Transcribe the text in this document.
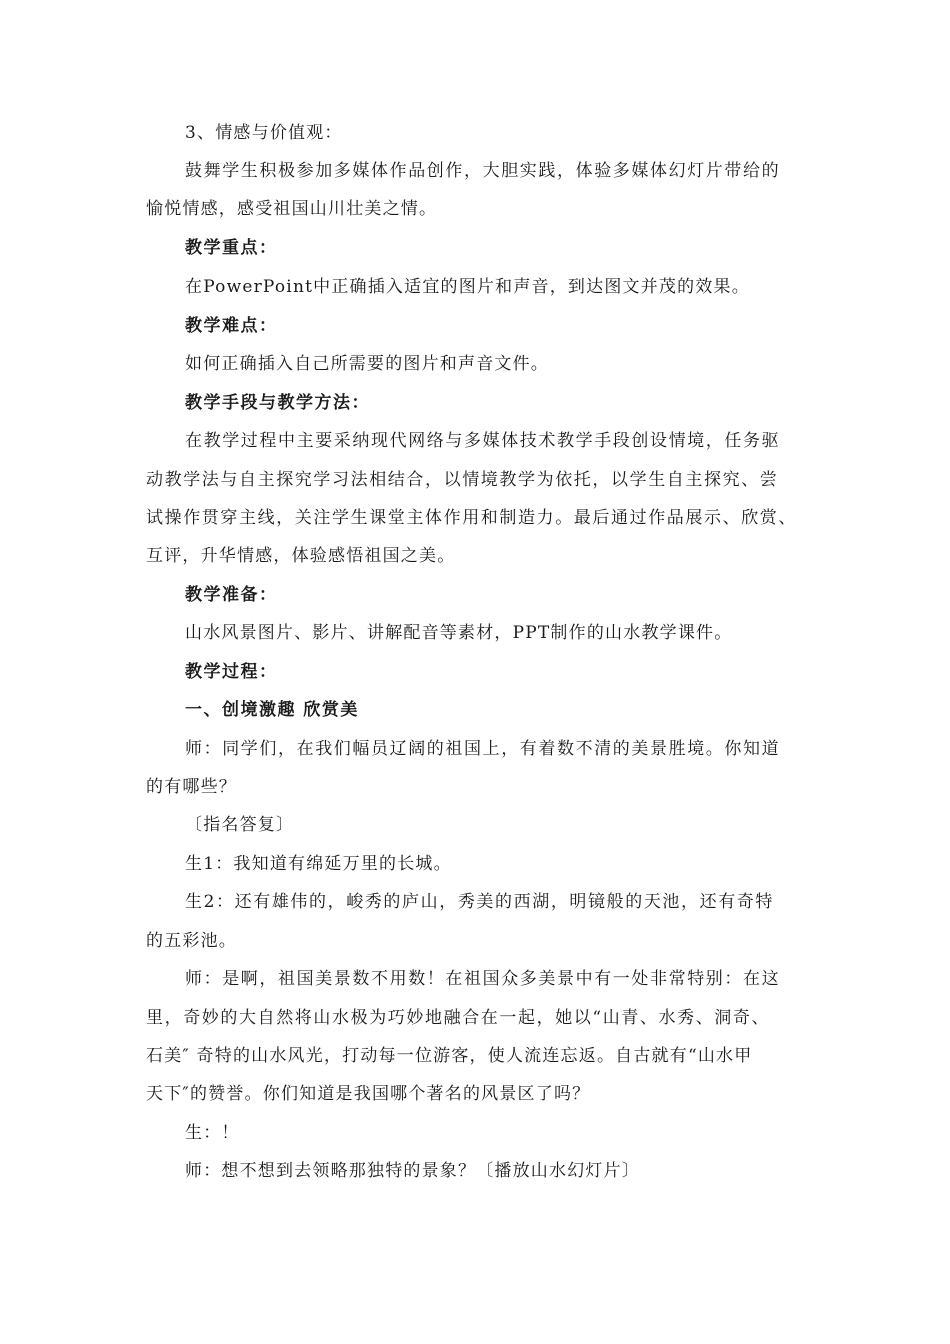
3、情感与价值观：
鼓舞学生积极参加多媒体作品创作，大胆实践，体验多媒体幻灯片带给的
愉悦情感，感受祖国山川壮美之情。
教学重点：
在PowerPoint中正确插入适宜的图片和声音，到达图文并茂的效果。
教学难点：
如何正确插入自己所需要的图片和声音文件。
教学手段与教学方法：
在教学过程中主要采纳现代网络与多媒体技术教学手段创设情境，任务驱
动教学法与自主探究学习法相结合，以情境教学为依托，以学生自主探究、尝
试操作贯穿主线，关注学生课堂主体作用和制造力。最后通过作品展示、欣赏、
互评，升华情感，体验感悟祖国之美。
教学准备：
山水风景图片、影片、讲解配音等素材，PPT制作的山水教学课件。
教学过程：
一、创境激趣 欣赏美
师：同学们，在我们幅员辽阔的祖国上，有着数不清的美景胜境。你知道
的有哪些？
〔指名答复〕
生1：我知道有绵延万里的长城。
生2：还有雄伟的，峻秀的庐山，秀美的西湖，明镜般的天池，还有奇特
的五彩池。
师：是啊，祖国美景数不用数！在祖国众多美景中有一处非常特别：在这
里，奇妙的大自然将山水极为巧妙地融合在一起，她以“山青、水秀、洞奇、
石美″ 奇特的山水风光，打动每一位游客，使人流连忘返。自古就有“山水甲
天下″的赞誉。你们知道是我国哪个著名的风景区了吗？
生：！
师：想不想到去领略那独特的景象？〔播放山水幻灯片〕
